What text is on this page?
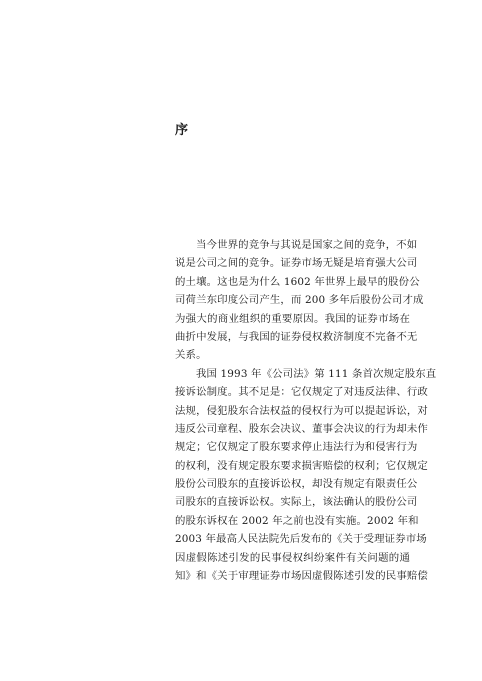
序
当今世界的竞争与其说是国家之间的竞争，不如
说是公司之间的竞争。证券市场无疑是培育强大公司
的土壤。这也是为什么 1602 年世界上最早的股份公
司荷兰东印度公司产生，而 200 多年后股份公司才成
为强大的商业组织的重要原因。我国的证券市场在
曲折中发展，与我国的证券侵权救济制度不完备不无
关系。
我国 1993 年《公司法》第 111 条首次规定股东直
接诉讼制度。其不足是：它仅规定了对违反法律、行政
法规，侵犯股东合法权益的侵权行为可以提起诉讼，对
违反公司章程、股东会决议、董事会决议的行为却未作
规定；它仅规定了股东要求停止违法行为和侵害行为
的权利，没有规定股东要求损害赔偿的权利；它仅规定
股份公司股东的直接诉讼权，却没有规定有限责任公
司股东的直接诉讼权。实际上，该法确认的股份公司
的股东诉权在 2002 年之前也没有实施。2002 年和
2003 年最高人民法院先后发布的《关于受理证券市场
因虚假陈述引发的民事侵权纠纷案件有关问题的通
知》和《关于审理证券市场因虚假陈述引发的民事赔偿
